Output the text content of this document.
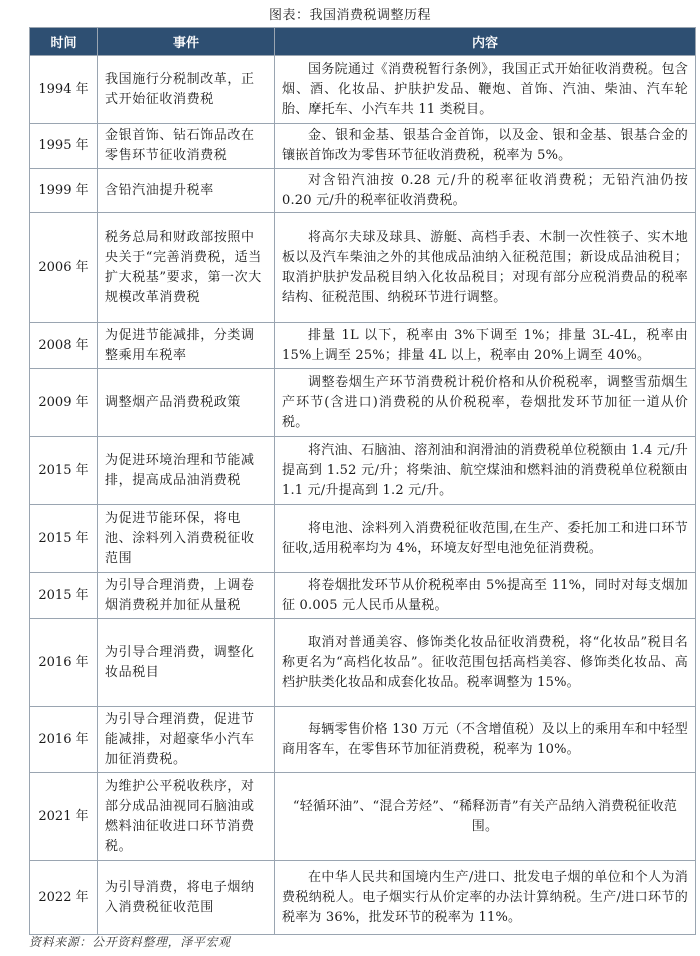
图表：我国消费税调整历程
时间	事件	内容
1994 年	我国施行分税制改革，正式开始征收消费税	国务院通过《消费税暂行条例》，我国正式开始征收消费税。包含烟、酒、化妆品、护肤护发品、鞭炮、首饰、汽油、柴油、汽车轮胎、摩托车、小汽车共 11 类税目。

1995 年	金银首饰、钻石饰品改在零售环节征收消费税	金、银和金基、银基合金首饰，以及金、银和金基、银基合金的镶嵌首饰改为零售环节征收消费税，税率为 5%。

1999 年	含铅汽油提升税率	对含铅汽油按 0.28 元/升的税率征收消费税；无铅汽油仍按 0.20 元/升的税率征收消费税。

2006 年	税务总局和财政部按照中央关于“完善消费税，适当扩大税基”要求，第一次大规模改革消费税	将高尔夫球及球具、游艇、高档手表、木制一次性筷子、实木地板以及汽车柴油之外的其他成品油纳入征税范围；新设成品油税目；取消护肤护发品税目纳入化妆品税目；对现有部分应税消费品的税率结构、征税范围、纳税环节进行调整。

2008 年	为促进节能减排，分类调整乘用车税率	排量 1L 以下，税率由 3%下调至 1%；排量 3L-4L，税率由 15%上调至 25%；排量 4L 以上，税率由 20%上调至 40%。

2009 年	调整烟产品消费税政策	调整卷烟生产环节消费税计税价格和从价税税率，调整雪茄烟生产环节(含进口)消费税的从价税税率，卷烟批发环节加征一道从价税。

2015 年	为促进环境治理和节能减排，提高成品油消费税	将汽油、石脑油、溶剂油和润滑油的消费税单位税额由 1.4 元/升提高到 1.52 元/升；将柴油、航空煤油和燃料油的消费税单位税额由 1.1 元/升提高到 1.2 元/升。

2015 年	为促进节能环保，将电池、涂料列入消费税征收范围	将电池、涂料列入消费税征收范围,在生产、委托加工和进口环节征收,适用税率均为 4%，环境友好型电池免征消费税。

2015 年	为引导合理消费，上调卷烟消费税并加征从量税	将卷烟批发环节从价税税率由 5%提高至 11%，同时对每支烟加征 0.005 元人民币从量税。

2016 年	为引导合理消费，调整化妆品税目	取消对普通美容、修饰类化妆品征收消费税，将“化妆品”税目名称更名为“高档化妆品”。征收范围包括高档美容、修饰类化妆品、高档护肤类化妆品和成套化妆品。税率调整为 15%。

2016 年	为引导合理消费，促进节能减排，对超豪华小汽车加征消费税。	每辆零售价格 130 万元（不含增值税）及以上的乘用车和中轻型商用客车，在零售环节加征消费税，税率为 10%。

2021 年	为维护公平税收秩序，对部分成品油视同石脑油或燃料油征收进口环节消费税。	“轻循环油”、“混合芳烃”、“稀释沥青”有关产品纳入消费税征收范围。

2022 年	为引导消费，将电子烟纳入消费税征收范围	在中华人民共和国境内生产/进口、批发电子烟的单位和个人为消费税纳税人。电子烟实行从价定率的办法计算纳税。生产/进口环节的税率为 36%，批发环节的税率为 11%。
资料来源：公开资料整理，泽平宏观
